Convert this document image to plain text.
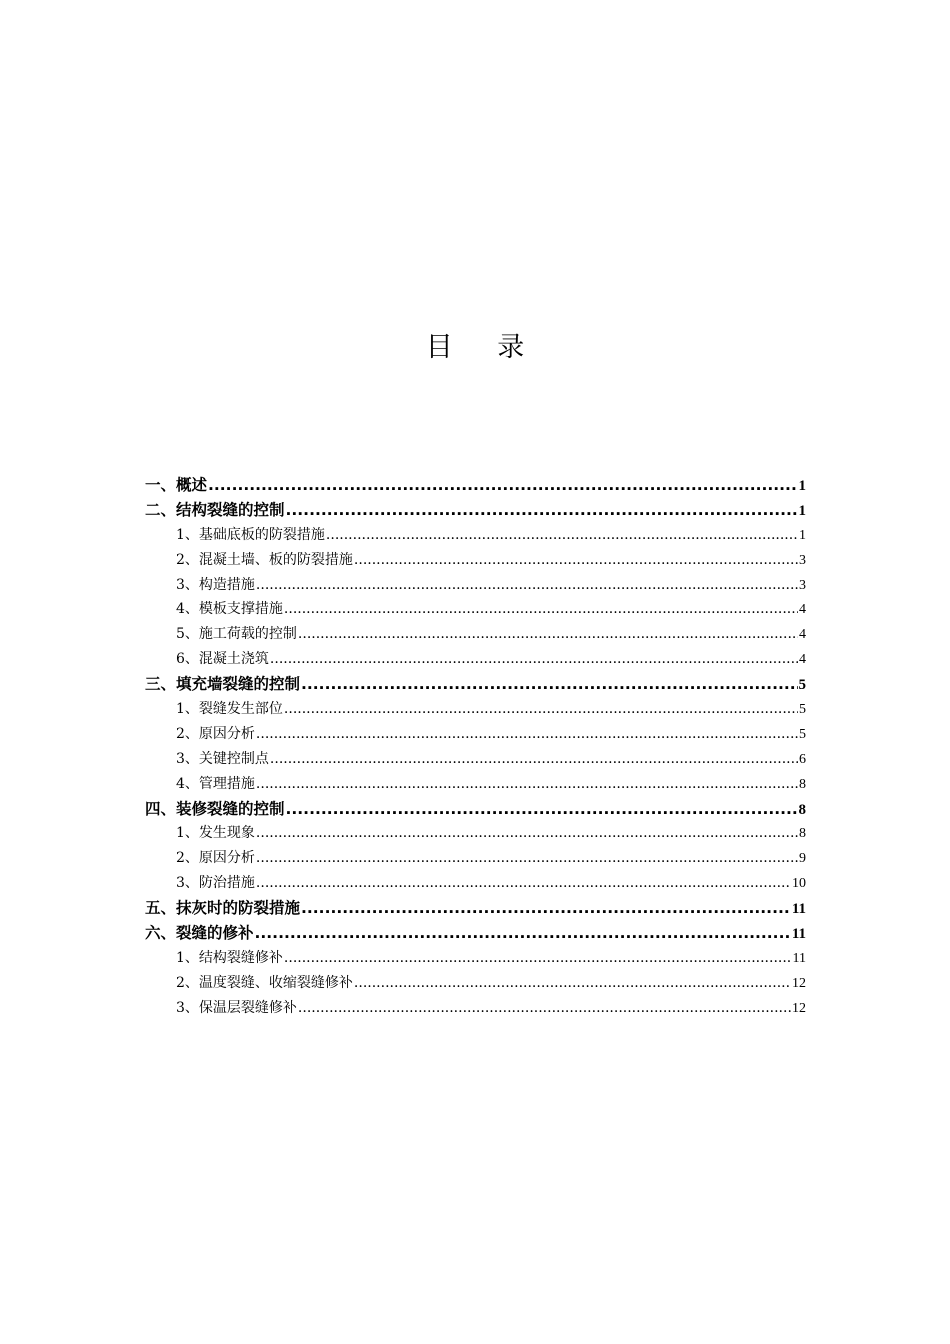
目 录
一、概述 .....	1
二、结构裂缝的控制 .....	1
1、基础底板的防裂措施 .....	1
2、混凝土墙、板的防裂措施 .....	3
3、构造措施 .....	3
4、模板支撑措施 .....	4
5、施工荷载的控制 .....	4
6、混凝土浇筑 .....	4
三、填充墙裂缝的控制 .....	5
1、裂缝发生部位 .....	5
2、原因分析 .....	5
3、关键控制点 .....	6
4、管理措施 .....	8
四、装修裂缝的控制 .....	8
1、发生现象 .....	8
2、原因分析 .....	9
3、防治措施 .....	10
五、抹灰时的防裂措施 .....	11
六、裂缝的修补 .....	11
1、结构裂缝修补 .....	11
2、温度裂缝、收缩裂缝修补 .....	12
3、保温层裂缝修补 .....	12
